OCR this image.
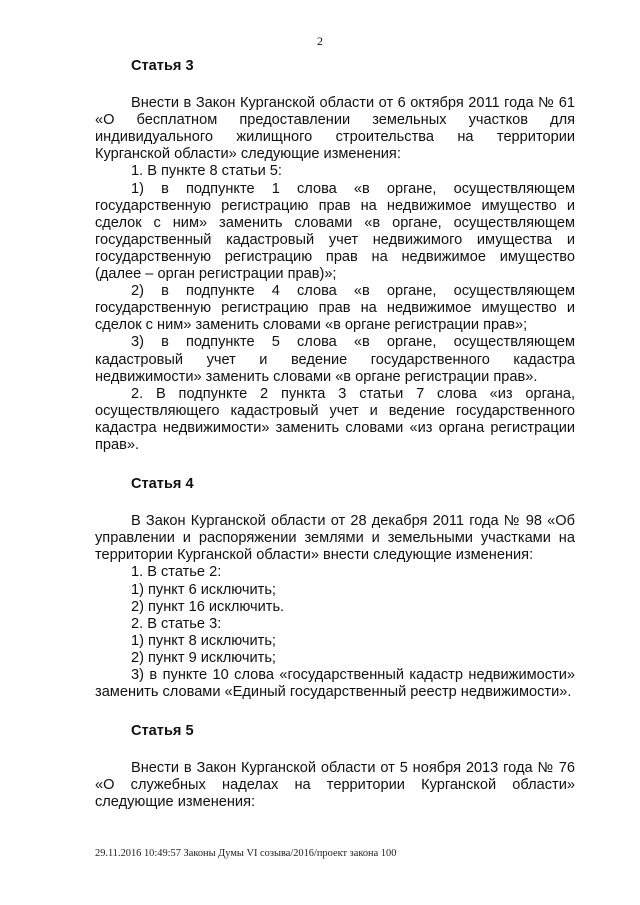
2
Статья 3

Внести в Закон Курганской области от 6 октября 2011 года № 61 «О бесплатном предоставлении земельных участков для индивидуального жилищного строительства на территории Курганской области» следующие изменения:

1. В пункте 8 статьи 5:

1) в подпункте 1 слова «в органе, осуществляющем государственную регистрацию прав на недвижимое имущество и сделок с ним» заменить словами «в органе, осуществляющем государственный кадастровый учет недвижимого имущества и государственную регистрацию прав на недвижимое имущество (далее – орган регистрации прав)»;

2) в подпункте 4 слова «в органе, осуществляющем государственную регистрацию прав на недвижимое имущество и сделок с ним» заменить словами «в органе регистрации прав»;

3) в подпункте 5 слова «в органе, осуществляющем кадастровый учет и ведение государственного кадастра недвижимости» заменить словами «в органе регистрации прав».

2. В подпункте 2 пункта 3 статьи 7 слова «из органа, осуществляющего кадастровый учет и ведение государственного кадастра недвижимости» заменить словами «из органа регистрации прав».

Статья 4

В Закон Курганской области от 28 декабря 2011 года № 98 «Об управлении и распоряжении землями и земельными участками на территории Курганской области» внести следующие изменения:

1. В статье 2:

1) пункт 6 исключить;

2) пункт 16 исключить.

2. В статье 3:

1) пункт 8 исключить;

2) пункт 9 исключить;

3) в пункте 10 слова «государственный кадастр недвижимости» заменить словами «Единый государственный реестр недвижимости».

Статья 5

Внести в Закон Курганской области от 5 ноября 2013 года № 76 «О служебных наделах на территории Курганской области» следующие изменения:

29.11.2016 10:49:57 Законы Думы VI созыва/2016/проект закона 100
